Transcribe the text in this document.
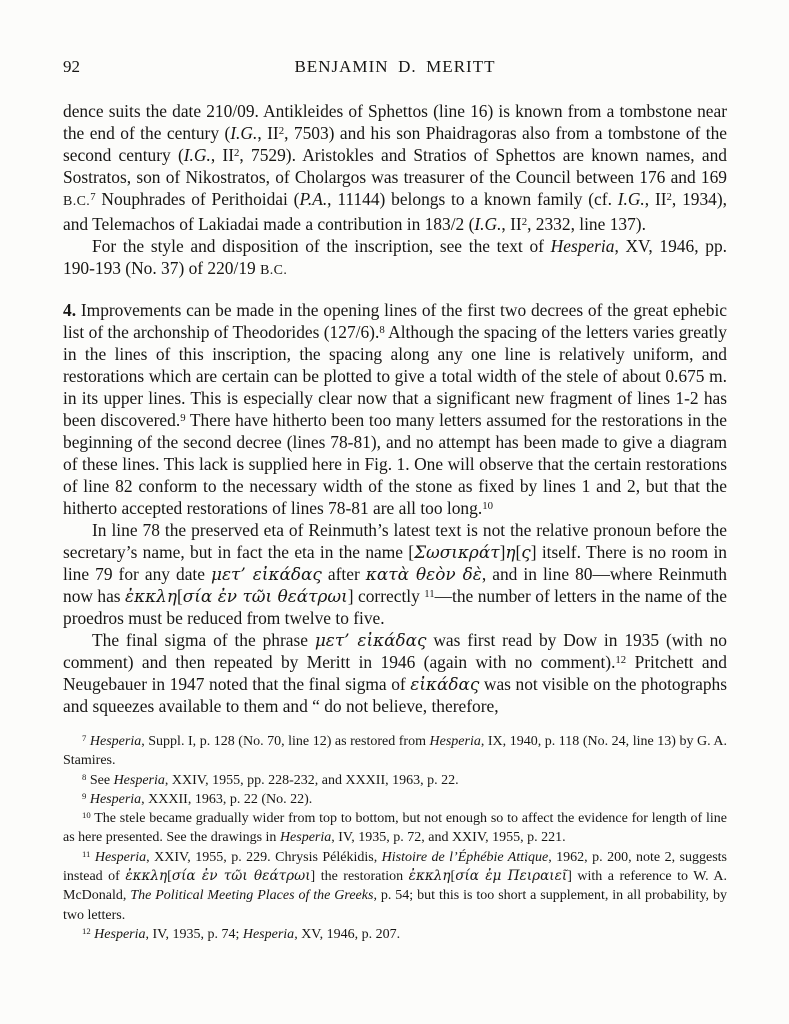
92	BENJAMIN D. MERITT

dence suits the date 210/09. Antikleides of Sphettos (line 16) is known from a tombstone near the end of the century (I.G., $II^2$, 7503) and his son Phaidragoras also from a tombstone of the second century (I.G., $II^2$, 7529). Aristokles and Stratios of Sphettos are known names, and Sostratos, son of Nikostratos, of Cholargos was treasurer of the Council between 176 and 169 B.C.$^7$ Nouphrades of Perithoidai (P.A., 11144) belongs to a known family (cf. I.G., $II^2$, 1934), and Telemachos of Lakiadai made a contribution in 183/2 (I.G., $II^2$, 2332, line 137).

For the style and disposition of the inscription, see the text of Hesperia, XV, 1946, pp. 190-193 (No. 37) of 220/19 B.C.

4. Improvements can be made in the opening lines of the first two decrees of the great ephebic list of the archonship of Theodorides (127/6).$^8$ Although the spacing of the letters varies greatly in the lines of this inscription, the spacing along any one line is relatively uniform, and restorations which are certain can be plotted to give a total width of the stele of about 0.675 m. in its upper lines. This is especially clear now that a significant new fragment of lines 1-2 has been discovered.$^9$ There have hitherto been too many letters assumed for the restorations in the beginning of the second decree (lines 78-81), and no attempt has been made to give a diagram of these lines. This lack is supplied here in Fig. 1. One will observe that the certain restorations of line 82 conform to the necessary width of the stone as fixed by lines 1 and 2, but that the hitherto accepted restorations of lines 78-81 are all too long.$^{10}$

In line 78 the preserved eta of Reinmuth’s latest text is not the relative pronoun before the secretary’s name, but in fact the eta in the name [Σωσικράτ]η[ς] itself. There is no room in line 79 for any date μετ’ εἰκάδας after κατὰ θεὸν δὲ, and in line 80—where Reinmuth now has ἐκκλη[σία ἐν τῶι θεάτρωι] correctly $^{11}$—the number of letters in the name of the proedros must be reduced from twelve to five.

The final sigma of the phrase μετ’ εἰκάδας was first read by Dow in 1935 (with no comment) and then repeated by Meritt in 1946 (again with no comment).$^{12}$ Pritchett and Neugebauer in 1947 noted that the final sigma of εἰκάδας was not visible on the photographs and squeezes available to them and “ do not believe, therefore,

$^7$ Hesperia, Suppl. I, p. 128 (No. 70, line 12) as restored from Hesperia, IX, 1940, p. 118 (No. 24, line 13) by G. A. Stamires.

$^8$ See Hesperia, XXIV, 1955, pp. 228-232, and XXXII, 1963, p. 22.

$^9$ Hesperia, XXXII, 1963, p. 22 (No. 22).

$^{10}$ The stele became gradually wider from top to bottom, but not enough so to affect the evidence for length of line as here presented. See the drawings in Hesperia, IV, 1935, p. 72, and XXIV, 1955, p. 221.

$^{11}$ Hesperia, XXIV, 1955, p. 229. Chrysis Pélékidis, Histoire de l’Éphébie Attique, 1962, p. 200, note 2, suggests instead of ἐκκλη[σία ἐν τῶι θεάτρωι] the restoration ἐκκλη[σία ἐμ Πειραιεῖ] with a reference to W. A. McDonald, The Political Meeting Places of the Greeks, p. 54; but this is too short a supplement, in all probability, by two letters.

$^{12}$ Hesperia, IV, 1935, p. 74; Hesperia, XV, 1946, p. 207.
